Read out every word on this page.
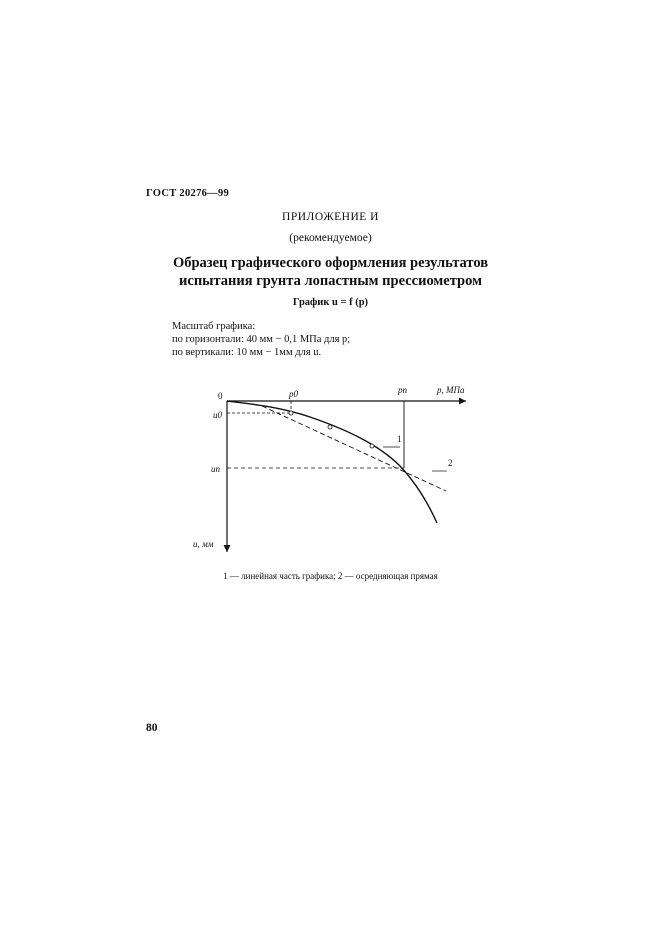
ГОСТ 20276—99
ПРИЛОЖЕНИЕ И
(рекомендуемое)
Образец графического оформления результатов
испытания грунта лопастным прессиометром
График u = f (p)
Масштаб графика:
по горизонтали: 40 мм − 0,1 МПа для p;
по вертикали: 10 мм − 1мм для u.
0	p0	pn	p, МПа
u0
un
u, мм
1
2
1 — линейная часть графика; 2 — осредняющая прямая
80
